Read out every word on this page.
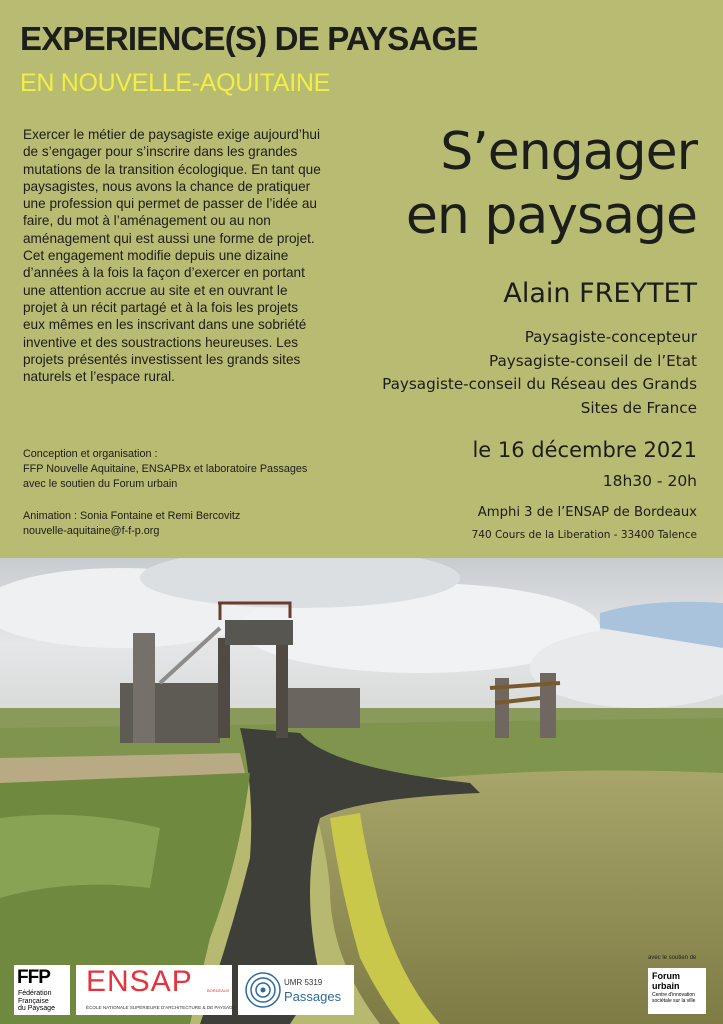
EXPERIENCE(S) DE PAYSAGE
EN NOUVELLE-AQUITAINE
Exercer le métier de paysagiste exige aujourd’hui de s’engager pour s’inscrire dans les grandes mutations de la transition écologique. En tant que paysagistes, nous avons la chance de pratiquer une profession qui permet de passer de l’idée au faire, du mot à l’aménagement ou au non aménagement qui est aussi une forme de projet. Cet engagement modifie depuis une dizaine d’années à la fois la façon d’exercer en portant une attention accrue au site et en ouvrant le projet à un récit partagé et à la fois les projets eux mêmes en les inscrivant dans une sobriété inventive et des soustractions heureuses. Les projets présentés investissent les grands sites naturels et l’espace rural.

Conception et organisation :

FFP Nouvelle Aquitaine, ENSAPBx et laboratoire Passages

avec le soutien du Forum urbain

Animation : Sonia Fontaine et Remi Bercovitz

nouvelle-aquitaine@f-f-p.org

S’engager
en paysage
Alain FREYTET
Paysagiste-concepteur
Paysagiste-conseil de l’Etat
Paysagiste-conseil du Réseau des Grands
Sites de France
le 16 décembre 2021
18h30 - 20h
Amphi 3 de l’ENSAP de Bordeaux
740 Cours de la Liberation - 33400 Talence
FFP
Fédération
Française
du Paysage
ENSAP	BORDEAUX
ÉCOLE NATIONALE SUPÉRIEURE D'ARCHITECTURE & DE PAYSAGE
UMR 5319
Passages
avec le soutien de
Forum
urbain
Centre d'innovation sociétale sur la ville
